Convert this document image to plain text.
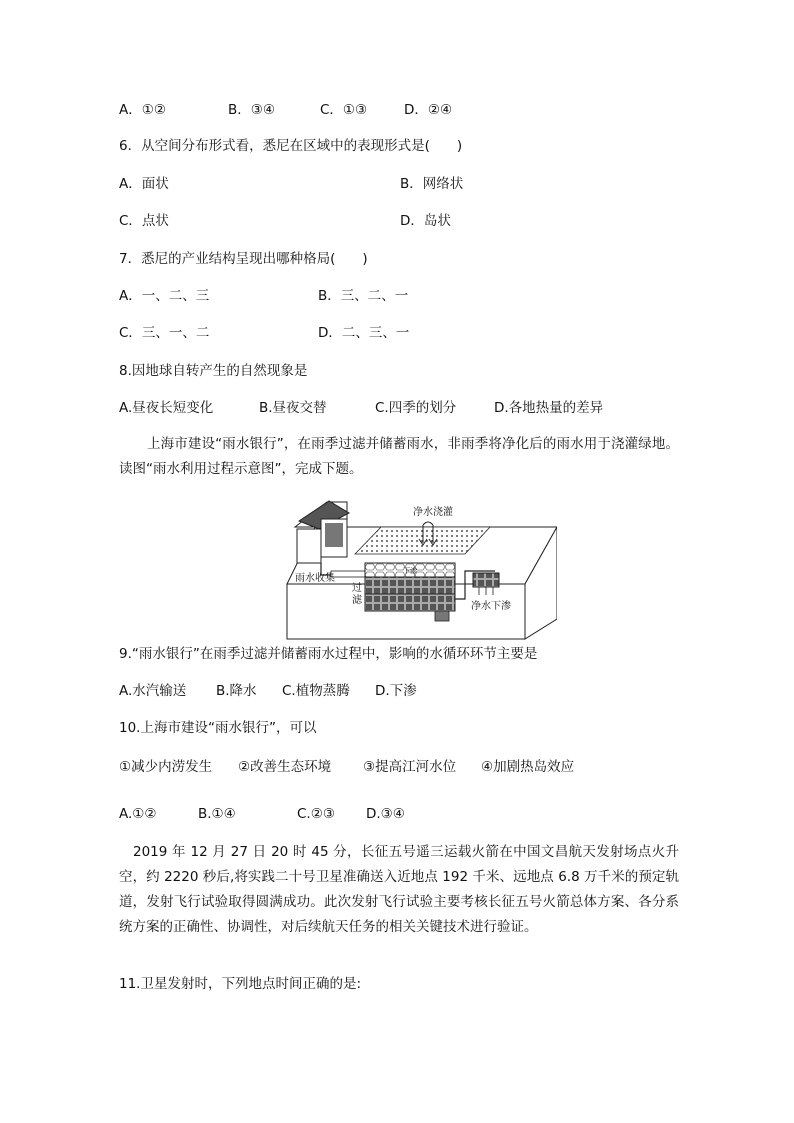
A．①②	B．③④	C．①③	D．②④
6．从空间分布形式看，悉尼在区域中的表现形式是(　　)
A．面状	B．网络状
C．点状	D．岛状
7．悉尼的产业结构呈现出哪种格局(　　)
A．一、二、三	B．三、二、一
C．三、一、二	D．二、三、一
8.因地球自转产生的自然现象是
A.昼夜长短变化	B.昼夜交替	C.四季的划分	D.各地热量的差异
上海市建设“雨水银行”，在雨季过滤并储蓄雨水，非雨季将净化后的雨水用于浇灌绿地。读图“雨水利用过程示意图”，完成下题。
净水浇灌
雨水收集
过
滤
净水下渗
下渗
9.“雨水银行”在雨季过滤并储蓄雨水过程中，影响的水循环环节主要是
A.水汽输送 B.降水 C.植物蒸腾 D.下渗
10.上海市建设“雨水银行”，可以
①减少内涝发生 ②改善生态环境 ③提高江河水位 ④加剧热岛效应
A.①②	B.①④	C.②③ D.③④
2019 年 12 月 27 日 20 时 45 分，长征五号遥三运载火箭在中国文昌航天发射场点火升空，约 2220 秒后,将实践二十号卫星准确送入近地点 192 千米、远地点 6.8 万千米的预定轨道，发射飞行试验取得圆满成功。此次发射飞行试验主要考核长征五号火箭总体方案、各分系统方案的正确性、协调性，对后续航天任务的相关关键技术进行验证。
11.卫星发射时，下列地点时间正确的是:
